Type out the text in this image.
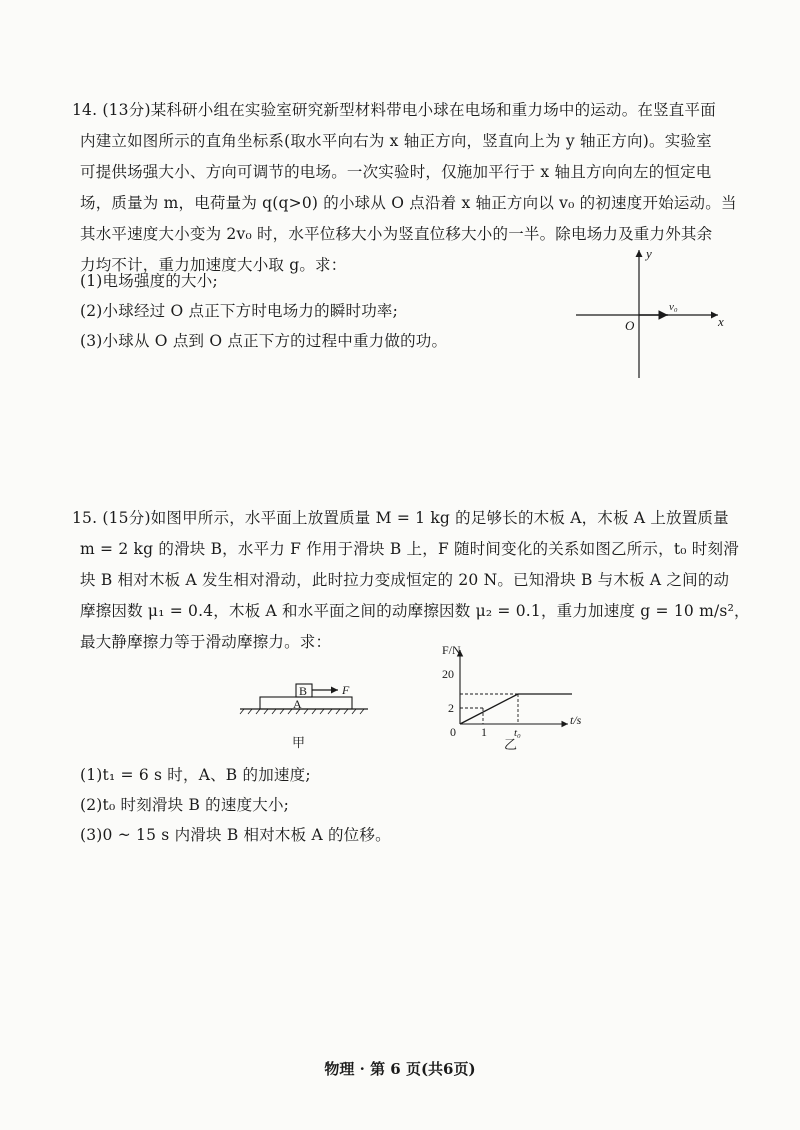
14. (13分)某科研小组在实验室研究新型材料带电小球在电场和重力场中的运动。在竖直平面
内建立如图所示的直角坐标系(取水平向右为 x 轴正方向，竖直向上为 y 轴正方向)。实验室
可提供场强大小、方向可调节的电场。一次实验时，仅施加平行于 x 轴且方向向左的恒定电
场，质量为 m，电荷量为 q(q>0) 的小球从 O 点沿着 x 轴正方向以 v₀ 的初速度开始运动。当
其水平速度大小变为 2v₀ 时，水平位移大小为竖直位移大小的一半。除电场力及重力外其余
力均不计，重力加速度大小取 g。求：
(1)电场强度的大小;
(2)小球经过 O 点正下方时电场力的瞬时功率;
(3)小球从 O 点到 O 点正下方的过程中重力做的功。
y
x
O
v₀
15. (15分)如图甲所示，水平面上放置质量 M = 1 kg 的足够长的木板 A，木板 A 上放置质量
m = 2 kg 的滑块 B，水平力 F 作用于滑块 B 上，F 随时间变化的关系如图乙所示，t₀ 时刻滑
块 B 相对木板 A 发生相对滑动，此时拉力变成恒定的 20 N。已知滑块 B 与木板 A 之间的动
摩擦因数 μ₁ = 0.4，木板 A 和水平面之间的动摩擦因数 μ₂ = 0.1，重力加速度 g = 10 m/s²，
最大静摩擦力等于滑动摩擦力。求：
B
A
F
甲
F/N
t/s
0
20
2
1 t₀
乙
(1)t₁ = 6 s 时，A、B 的加速度;
(2)t₀ 时刻滑块 B 的速度大小;
(3)0 ~ 15 s 内滑块 B 相对木板 A 的位移。
物理 · 第 6 页(共6页)
